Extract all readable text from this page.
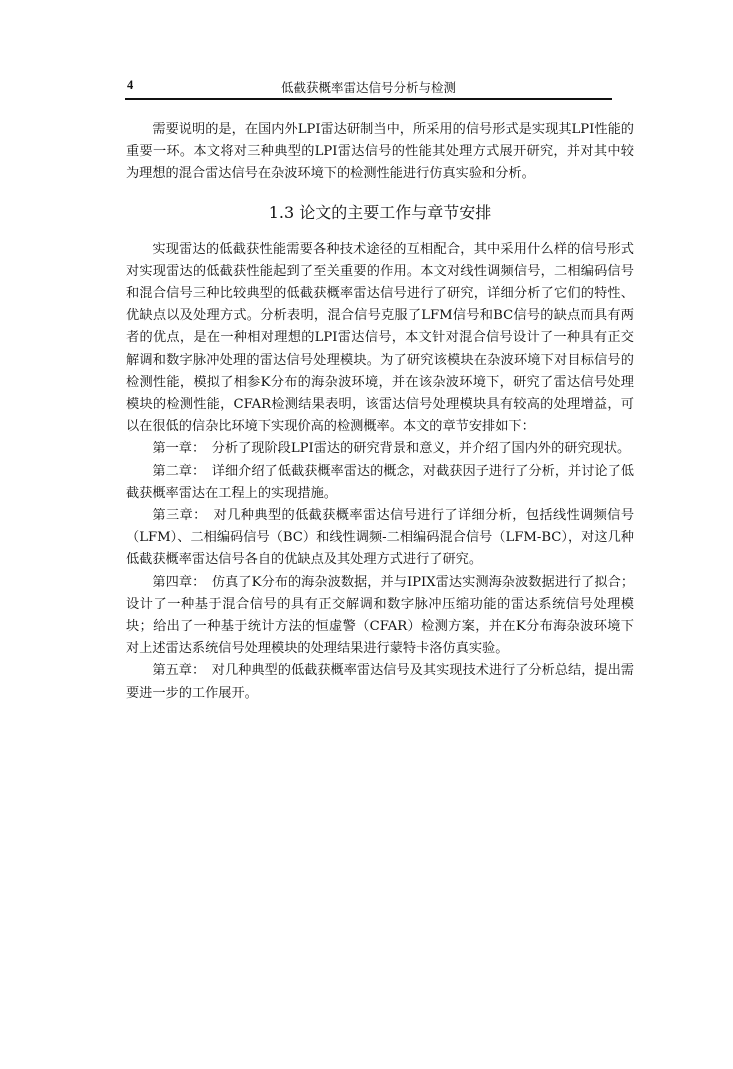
4	低截获概率雷达信号分析与检测

需要说明的是，在国内外LPI雷达研制当中，所采用的信号形式是实现其LPI性能的重要一环。本文将对三种典型的LPI雷达信号的性能其处理方式展开研究，并对其中较为理想的混合雷达信号在杂波环境下的检测性能进行仿真实验和分析。

1.3 论文的主要工作与章节安排

实现雷达的低截获性能需要各种技术途径的互相配合，其中采用什么样的信号形式对实现雷达的低截获性能起到了至关重要的作用。本文对线性调频信号，二相编码信号和混合信号三种比较典型的低截获概率雷达信号进行了研究，详细分析了它们的特性、优缺点以及处理方式。分析表明，混合信号克服了LFM信号和BC信号的缺点而具有两者的优点，是在一种相对理想的LPI雷达信号，本文针对混合信号设计了一种具有正交解调和数字脉冲处理的雷达信号处理模块。为了研究该模块在杂波环境下对目标信号的检测性能，模拟了相参K分布的海杂波环境，并在该杂波环境下，研究了雷达信号处理模块的检测性能，CFAR检测结果表明，该雷达信号处理模块具有较高的处理增益，可以在很低的信杂比环境下实现价高的检测概率。本文的章节安排如下：

第一章：  分析了现阶段LPI雷达的研究背景和意义，并介绍了国内外的研究现状。

第二章：  详细介绍了低截获概率雷达的概念，对截获因子进行了分析，并讨论了低截获概率雷达在工程上的实现措施。

第三章：  对几种典型的低截获概率雷达信号进行了详细分析，包括线性调频信号（LFM）、二相编码信号（BC）和线性调频-二相编码混合信号（LFM-BC），对这几种低截获概率雷达信号各自的优缺点及其处理方式进行了研究。

第四章：  仿真了K分布的海杂波数据，并与IPIX雷达实测海杂波数据进行了拟合；设计了一种基于混合信号的具有正交解调和数字脉冲压缩功能的雷达系统信号处理模块；给出了一种基于统计方法的恒虚警（CFAR）检测方案，并在K分布海杂波环境下对上述雷达系统信号处理模块的处理结果进行蒙特卡洛仿真实验。

第五章：  对几种典型的低截获概率雷达信号及其实现技术进行了分析总结，提出需要进一步的工作展开。
